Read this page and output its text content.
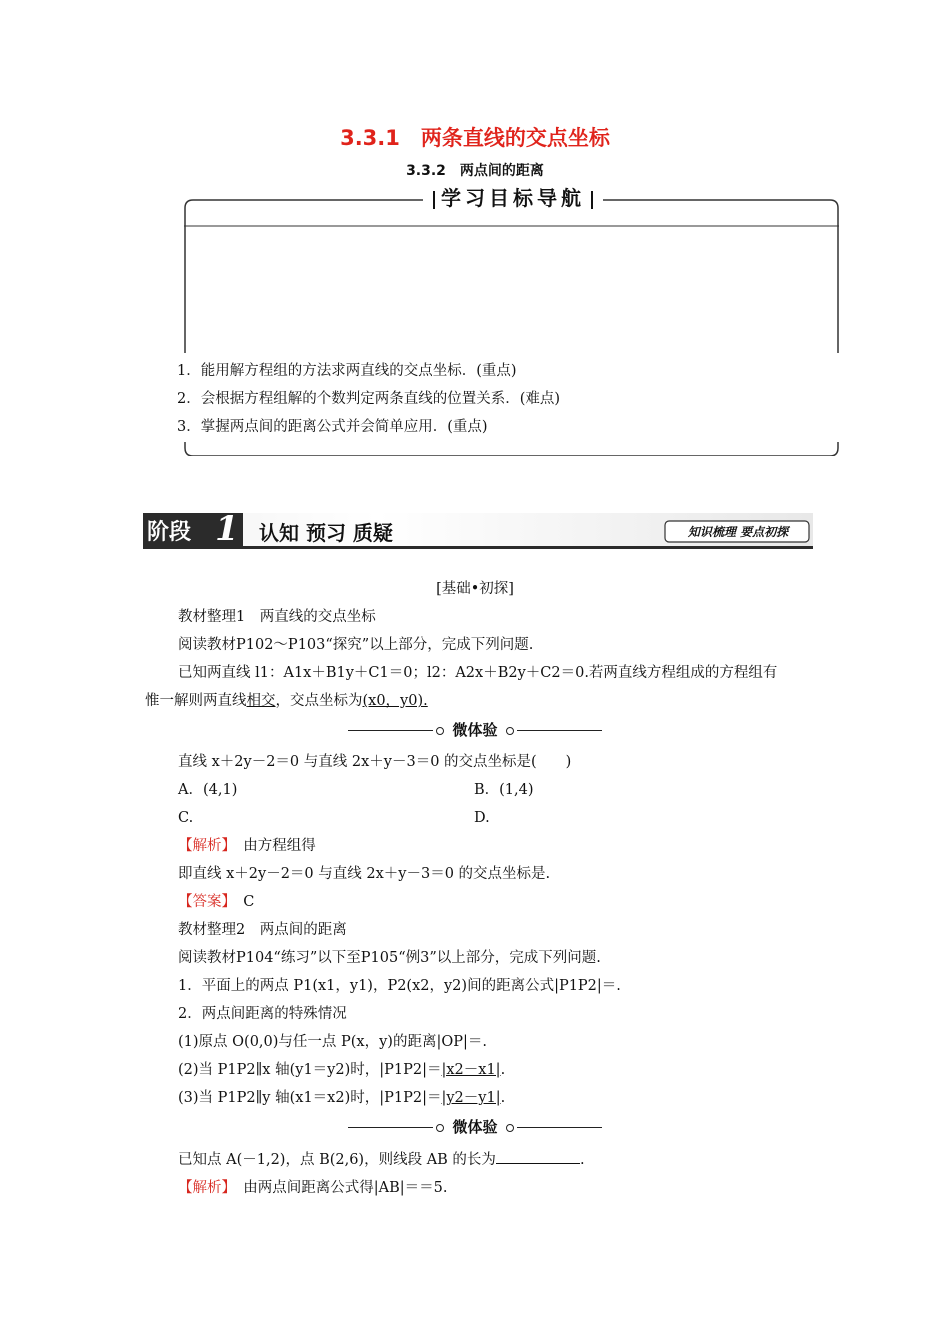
3.3.1　两条直线的交点坐标
3.3.2　两点间的距离
学习目标导航
1．能用解方程组的方法求两直线的交点坐标．(重点)
2．会根据方程组解的个数判定两条直线的位置关系．(难点)
3．掌握两点间的距离公式并会简单应用．(重点)
阶段 1 认知 预习 质疑	知识梳理 要点初探
[基础•初探]
教材整理1　两直线的交点坐标
阅读教材P102～P103“探究”以上部分，完成下列问题.
已知两直线 l1：A1x＋B1y＋C1＝0；l2：A2x＋B2y＋C2＝0.若两直线方程组成的方程组有
惟一解则两直线相交，交点坐标为(x0，y0).
微体验
直线 x＋2y－2＝0 与直线 2x＋y－3＝0 的交点坐标是(　　)
A．(4,1)	B．(1,4)
C.	D.
【解析】　 由方程组得
即直线 x＋2y－2＝0 与直线 2x＋y－3＝0 的交点坐标是.
【答案】　 C
教材整理2　两点间的距离
阅读教材P104“练习”以下至P105“例3”以上部分，完成下列问题.
1．平面上的两点 P1(x1，y1)，P2(x2，y2)间的距离公式|P1P2|＝.
2．两点间距离的特殊情况
(1)原点 O(0,0)与任一点 P(x，y)的距离|OP|＝.
(2)当 P1P2∥x 轴(y1＝y2)时，|P1P2|＝|x2－x1|.
(3)当 P1P2∥y 轴(x1＝x2)时，|P1P2|＝|y2－y1|.
微体验
已知点 A(－1,2)，点 B(2,6)，则线段 AB 的长为	.
【解析】　 由两点间距离公式得|AB|＝＝5.
